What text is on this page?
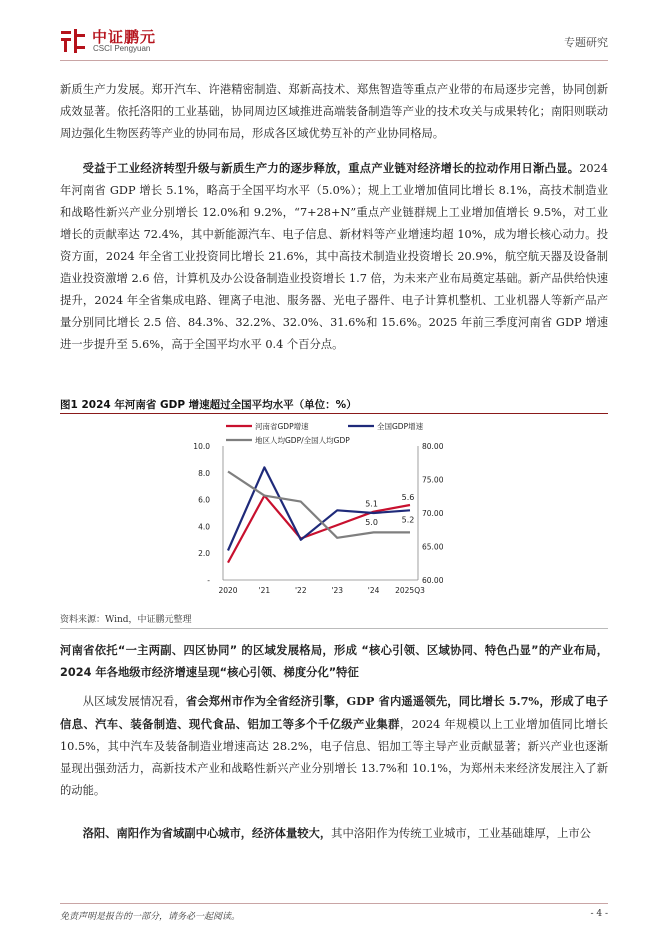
中证鹏元
CSCI Pengyuan	专题研究

新质生产力发展。郑开汽车、许港精密制造、郑新高技术、郑焦智造等重点产业带的布局逐步完善，协同创新成效显著。依托洛阳的工业基础，协同周边区域推进高端装备制造等产业的技术攻关与成果转化；南阳则联动周边强化生物医药等产业的协同布局，形成各区域优势互补的产业协同格局。

受益于工业经济转型升级与新质生产力的逐步释放，重点产业链对经济增长的拉动作用日渐凸显。2024年河南省 GDP 增长 5.1%，略高于全国平均水平（5.0%）；规上工业增加值同比增长 8.1%，高技术制造业和战略性新兴产业分别增长 12.0%和 9.2%，“7+28+N”重点产业链群规上工业增加值增长 9.5%，对工业增长的贡献率达 72.4%，其中新能源汽车、电子信息、新材料等产业增速均超 10%，成为增长核心动力。投资方面，2024 年全省工业投资同比增长 21.6%，其中高技术制造业投资增长 20.9%，航空航天器及设备制造业投资激增 2.6 倍，计算机及办公设备制造业投资增长 1.7 倍，为未来产业布局奠定基础。新产品供给快速提升，2024 年全省集成电路、锂离子电池、服务器、光电子器件、电子计算机整机、工业机器人等新产品产量分别同比增长 2.5 倍、84.3%、32.2%、32.0%、31.6%和 15.6%。2025 年前三季度河南省 GDP 增速进一步提升至 5.6%，高于全国平均水平 0.4 个百分点。

图1 2024 年河南省 GDP 增速超过全国平均水平（单位：%）
河南省GDP增速	全国GDP增速
地区人均GDP/全国人均GDP
-
2.0
4.0
6.0
8.0
10.0
60.00
65.00
70.00
75.00
80.00
2020	'21	'22	'23	'24 2025Q3
5.1
5.6
5.0	5.2
资料来源：Wind，中证鹏元整理
河南省依托“一主两副、四区协同” 的区域发展格局，形成 “核心引领、区域协同、特色凸显”的产业布局，2024 年各地级市经济增速呈现“核心引领、梯度分化”特征

从区域发展情况看，省会郑州市作为全省经济引擎，GDP 省内遥遥领先，同比增长 5.7%，形成了电子信息、汽车、装备制造、现代食品、铝加工等多个千亿级产业集群，2024 年规模以上工业增加值同比增长 10.5%，其中汽车及装备制造业增速高达 28.2%，电子信息、铝加工等主导产业贡献显著；新兴产业也逐渐显现出强劲活力，高新技术产业和战略性新兴产业分别增长 13.7%和 10.1%，为郑州未来经济发展注入了新的动能。

洛阳、南阳作为省域副中心城市，经济体量较大，其中洛阳作为传统工业城市，工业基础雄厚，上市公

免责声明是报告的一部分，请务必一起阅读。	- 4 -
